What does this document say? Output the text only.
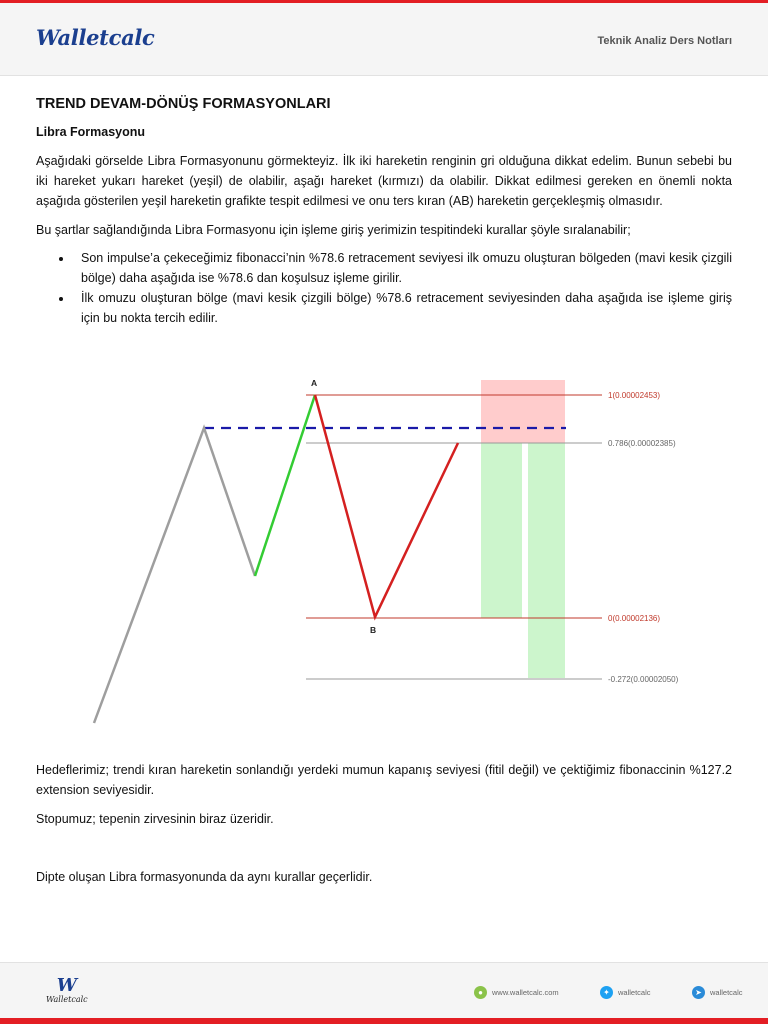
Walletcalc	Teknik Analiz Ders Notları
TREND DEVAM-DÖNÜŞ FORMASYONLARI
Libra Formasyonu

Aşağıdaki görselde Libra Formasyonunu görmekteyiz. İlk iki hareketin renginin gri olduğuna dikkat edelim. Bunun sebebi bu iki hareket yukarı hareket (yeşil) de olabilir, aşağı hareket (kırmızı) da olabilir. Dikkat edilmesi gereken en önemli nokta aşağıda gösterilen yeşil hareketin grafikte tespit edilmesi ve onu ters kıran (AB) hareketin gerçekleşmiş olmasıdır.

Bu şartlar sağlandığında Libra Formasyonu için işleme giriş yerimizin tespitindeki kurallar şöyle sıralanabilir;

• Son impulse’a çekeceğimiz fibonacci’nin %78.6 retracement seviyesi ilk omuzu oluşturan bölgeden (mavi kesik çizgili bölge) daha aşağıda ise %78.6 dan koşulsuz işleme girilir.
• İlk omuzu oluşturan bölge (mavi kesik çizgili bölge) %78.6 retracement seviyesinden daha aşağıda ise işleme giriş için bu nokta tercih edilir.
1(0.00002453)
0.786(0.00002385)
0(0.00002136)
-0.272(0.00002050)
A
B

Hedeflerimiz; trendi kıran hareketin sonlandığı yerdeki mumun kapanış seviyesi (fitil değil) ve çektiğimiz fibonaccinin %127.2 extension seviyesidir.

Stopumuz; tepenin zirvesinin biraz üzeridir.

Dipte oluşan Libra formasyonunda da aynı kurallar geçerlidir.

W
Walletcalc
●	www.walletcalc.com	✦	walletcalc	➤	walletcalc
